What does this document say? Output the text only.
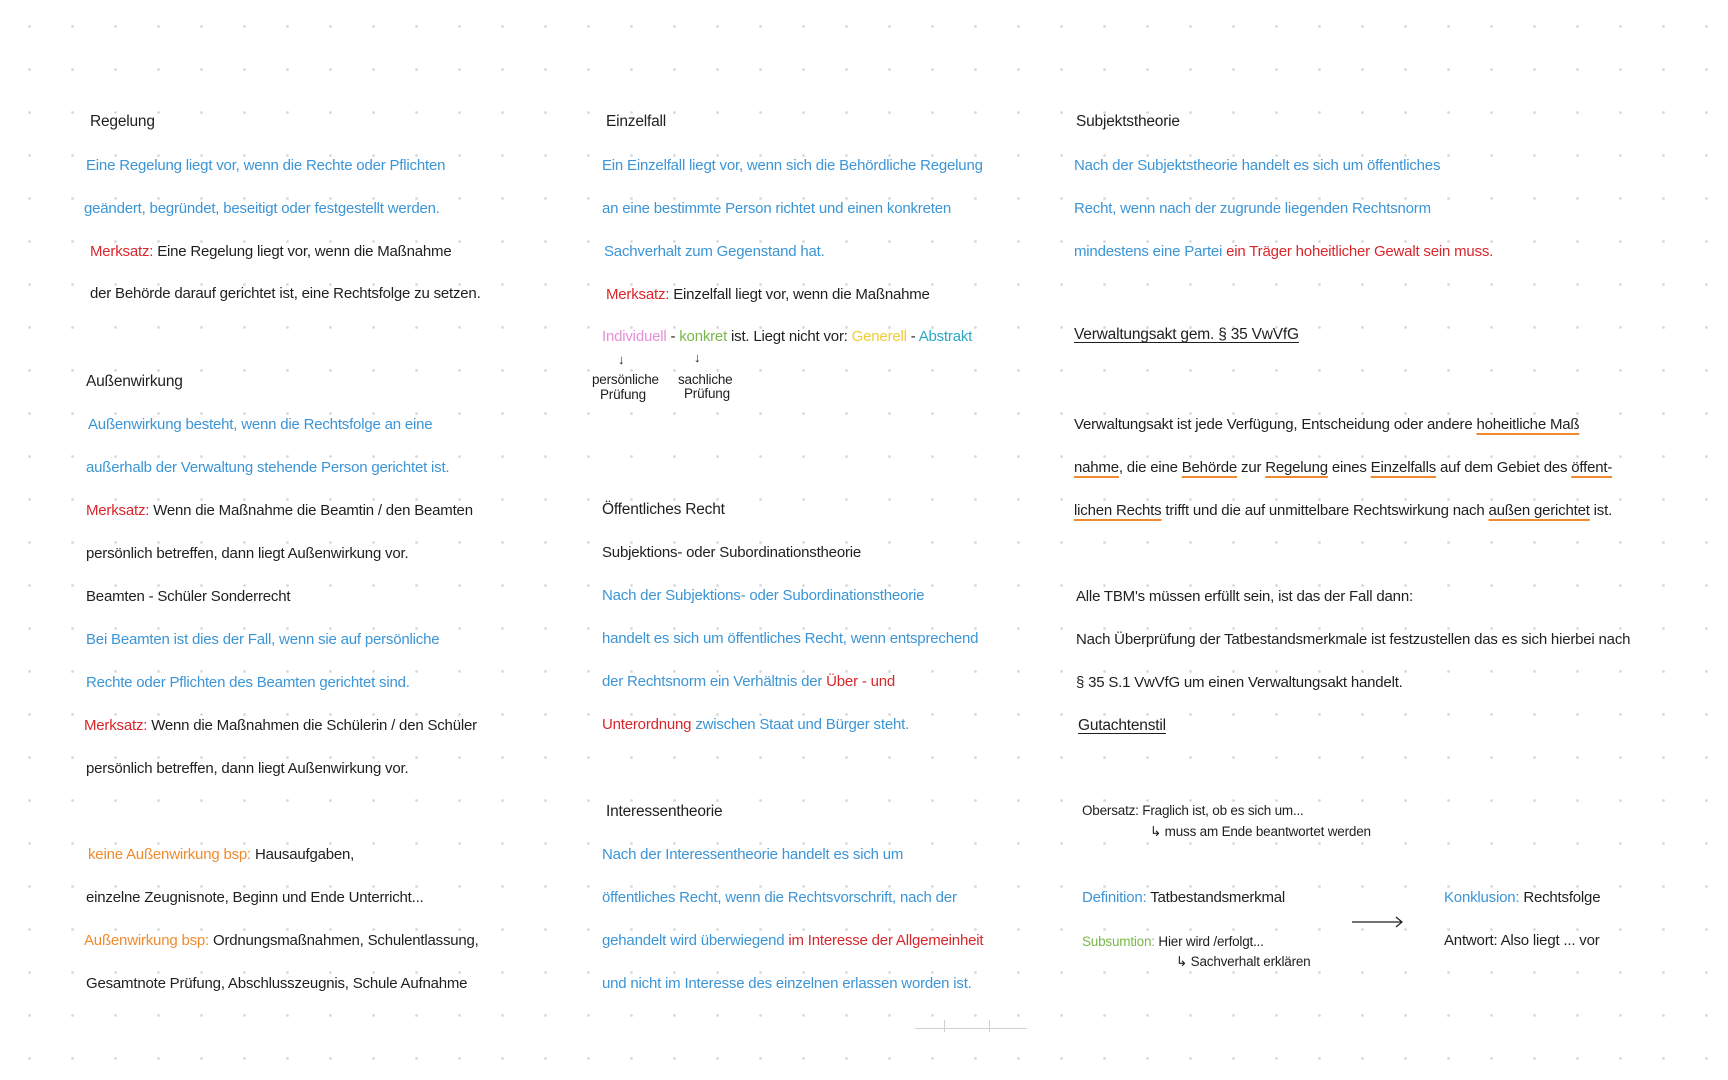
Regelung
Eine Regelung liegt vor, wenn die Rechte oder Pflichten
geändert, begründet, beseitigt oder festgestellt werden.
Merksatz: Eine Regelung liegt vor, wenn die Maßnahme
der Behörde darauf gerichtet ist, eine Rechtsfolge zu setzen.
Außenwirkung
Außenwirkung besteht, wenn die Rechtsfolge an eine
außerhalb der Verwaltung stehende Person gerichtet ist.
Merksatz: Wenn die Maßnahme die Beamtin / den Beamten
persönlich betreffen, dann liegt Außenwirkung vor.
Beamten - Schüler Sonderrecht
Bei Beamten ist dies der Fall, wenn sie auf persönliche
Rechte oder Pflichten des Beamten gerichtet sind.
Merksatz: Wenn die Maßnahmen die Schülerin / den Schüler
persönlich betreffen, dann liegt Außenwirkung vor.
keine Außenwirkung bsp: Hausaufgaben,
einzelne Zeugnisnote, Beginn und Ende Unterricht...
Außenwirkung bsp: Ordnungsmaßnahmen, Schulentlassung,
Gesamtnote Prüfung, Abschlusszeugnis, Schule Aufnahme
Einzelfall
Ein Einzelfall liegt vor, wenn sich die Behördliche Regelung
an eine bestimmte Person richtet und einen konkreten
Sachverhalt zum Gegenstand hat.
Merksatz: Einzelfall liegt vor, wenn die Maßnahme
Individuell - konkret ist. Liegt nicht vor: Generell - Abstrakt
↓	↓
persönliche
Prüfung
sachliche
Prüfung
Öffentliches Recht
Subjektions- oder Subordinationstheorie
Nach der Subjektions- oder Subordinationstheorie
handelt es sich um öffentliches Recht, wenn entsprechend
der Rechtsnorm ein Verhältnis der Über - und
Unterordnung zwischen Staat und Bürger steht.
Interessentheorie
Nach der Interessentheorie handelt es sich um
öffentliches Recht, wenn die Rechtsvorschrift, nach der
gehandelt wird überwiegend im Interesse der Allgemeinheit
und nicht im Interesse des einzelnen erlassen worden ist.
Subjektstheorie
Nach der Subjektstheorie handelt es sich um öffentliches
Recht, wenn nach der zugrunde liegenden Rechtsnorm
mindestens eine Partei ein Träger hoheitlicher Gewalt sein muss.
Verwaltungsakt gem. § 35 VwVfG
Verwaltungsakt ist jede Verfügung, Entscheidung oder andere hoheitliche Maß
nahme, die eine Behörde zur Regelung eines Einzelfalls auf dem Gebiet des öffent-
lichen Rechts trifft und die auf unmittelbare Rechtswirkung nach außen gerichtet ist.
Alle TBM's müssen erfüllt sein, ist das der Fall dann:
Nach Überprüfung der Tatbestandsmerkmale ist festzustellen das es sich hierbei nach
§ 35 S.1 VwVfG um einen Verwaltungsakt handelt.
Gutachtenstil
Obersatz: Fraglich ist, ob es sich um...
↳ muss am Ende beantwortet werden
Definition: Tatbestandsmerkmal
Subsumtion: Hier wird /erfolgt...
↳ Sachverhalt erklären
Konklusion: Rechtsfolge
Antwort: Also liegt ... vor
